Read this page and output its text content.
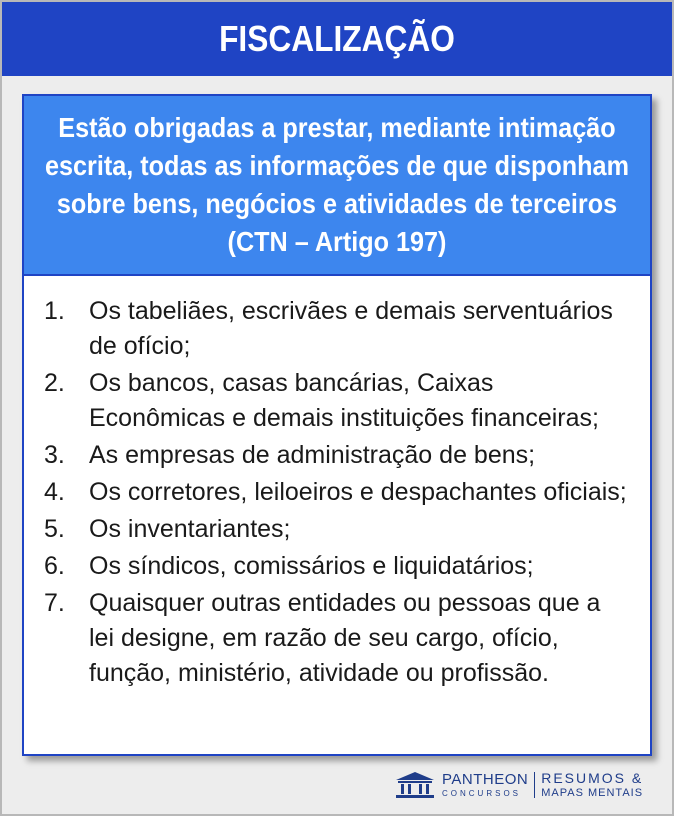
FISCALIZAÇÃO
Estão obrigadas a prestar, mediante intimação escrita, todas as informações de que disponham sobre bens, negócios e atividades de terceiros (CTN – Artigo 197)
1. Os tabeliães, escrivães e demais serventuários de ofício;
2. Os bancos, casas bancárias, Caixas Econômicas e demais instituições financeiras;
3. As empresas de administração de bens;
4. Os corretores, leiloeiros e despachantes oficiais;
5. Os inventariantes;
6. Os síndicos, comissários e liquidatários;
7. Quaisquer outras entidades ou pessoas que a lei designe, em razão de seu cargo, ofício, função, ministério, atividade ou profissão.
PANTHEON
CONCURSOS
RESUMOS &
MAPAS MENTAIS
